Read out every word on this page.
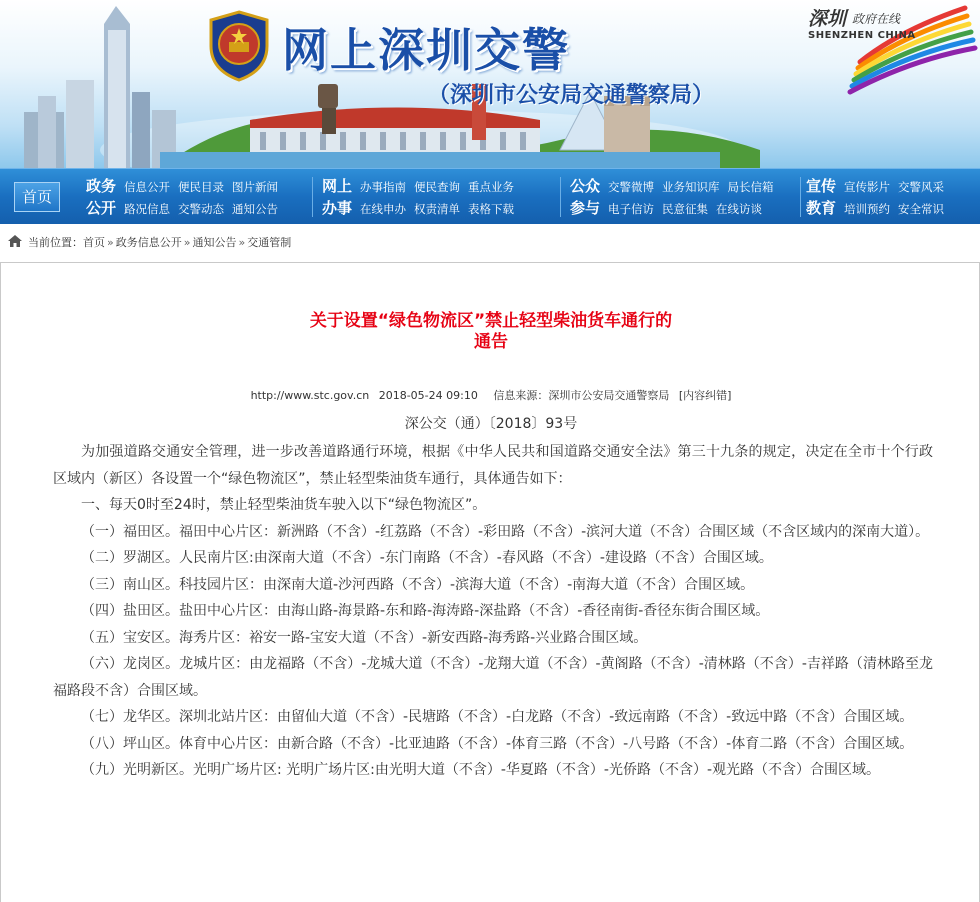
网上深圳交警
（深圳市公安局交通警察局）
深圳 政府在线
SHENZHEN CHINA
首页
政务
公开
信息公开 便民目录 图片新闻
路况信息 交警动态 通知公告
网上
办事
办事指南 便民查询 重点业务
在线申办 权责清单 表格下载
公众
参与
交警微博 业务知识库 局长信箱
电子信访 民意征集 在线访谈
宣传
教育
宣传影片 交警风采
培训预约 安全常识
当前位置：首页 » 政务信息公开 » 通知公告 » 交通管制
关于设置“绿色物流区”禁止轻型柴油货车通行的
通告
http://www.stc.gov.cn 2018-05-24 09:10 信息来源：深圳市公安局交通警察局 [内容纠错]
深公交（通）〔2018〕93号

为加强道路交通安全管理，进一步改善道路通行环境，根据《中华人民共和国道路交通安全法》第三十九条的规定，决定在全市十个行政区域内（新区）各设置一个“绿色物流区”，禁止轻型柴油货车通行，具体通告如下：

一、每天0时至24时，禁止轻型柴油货车驶入以下“绿色物流区”。

（一）福田区。福田中心片区：新洲路（不含）-红荔路（不含）-彩田路（不含）-滨河大道（不含）合围区域（不含区域内的深南大道）。

（二）罗湖区。人民南片区:由深南大道（不含）-东门南路（不含）-春风路（不含）-建设路（不含）合围区域。

（三）南山区。科技园片区：由深南大道-沙河西路（不含）-滨海大道（不含）-南海大道（不含）合围区域。

（四）盐田区。盐田中心片区：由海山路-海景路-东和路-海涛路-深盐路（不含）-香径南街-香径东街合围区域。

（五）宝安区。海秀片区：裕安一路-宝安大道（不含）-新安西路-海秀路-兴业路合围区域。

（六）龙岗区。龙城片区：由龙福路（不含）-龙城大道（不含）-龙翔大道（不含）-黄阁路（不含）-清林路（不含）-吉祥路（清林路至龙福路段不含）合围区域。

（七）龙华区。深圳北站片区：由留仙大道（不含）-民塘路（不含）-白龙路（不含）-致远南路（不含）-致远中路（不含）合围区域。

（八）坪山区。体育中心片区：由新合路（不含）-比亚迪路（不含）-体育三路（不含）-八号路（不含）-体育二路（不含）合围区域。

（九）光明新区。光明广场片区: 光明广场片区:由光明大道（不含）-华夏路（不含）-光侨路（不含）-观光路（不含）合围区域。
